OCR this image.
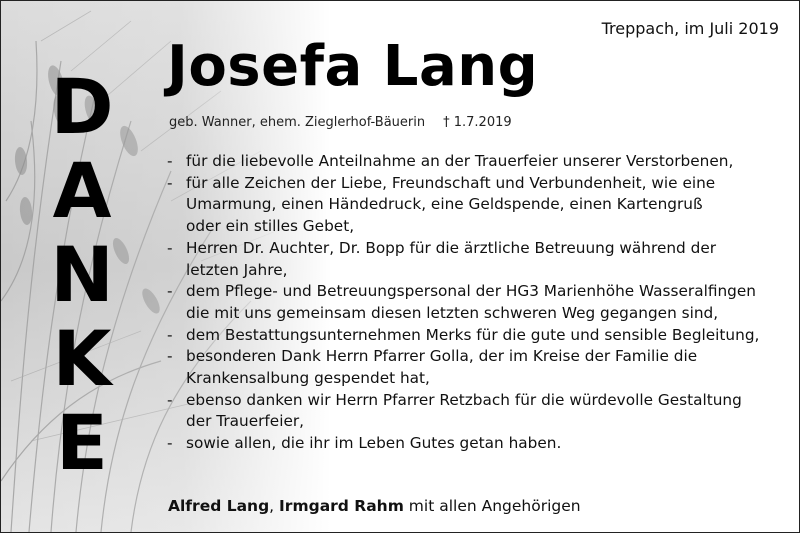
D
A
N
K
E
Treppach, im Juli 2019
Josefa Lang
geb. Wanner, ehem. Zieglerhof-Bäuerin † 1.7.2019
- für die liebevolle Anteilnahme an der Trauerfeier unserer Verstorbenen,
- für alle Zeichen der Liebe, Freundschaft und Verbundenheit, wie eine
Umarmung, einen Händedruck, eine Geldspende, einen Kartengruß
oder ein stilles Gebet,
- Herren Dr. Auchter, Dr. Bopp für die ärztliche Betreuung während der
letzten Jahre,
- dem Pflege- und Betreuungspersonal der HG3 Marienhöhe Wasseralfingen
die mit uns gemeinsam diesen letzten schweren Weg gegangen sind,
- dem Bestattungsunternehmen Merks für die gute und sensible Begleitung,
- besonderen Dank Herrn Pfarrer Golla, der im Kreise der Familie die
Krankensalbung gespendet hat,
- ebenso danken wir Herrn Pfarrer Retzbach für die würdevolle Gestaltung
der Trauerfeier,
- sowie allen, die ihr im Leben Gutes getan haben.
Alfred Lang, Irmgard Rahm mit allen Angehörigen
